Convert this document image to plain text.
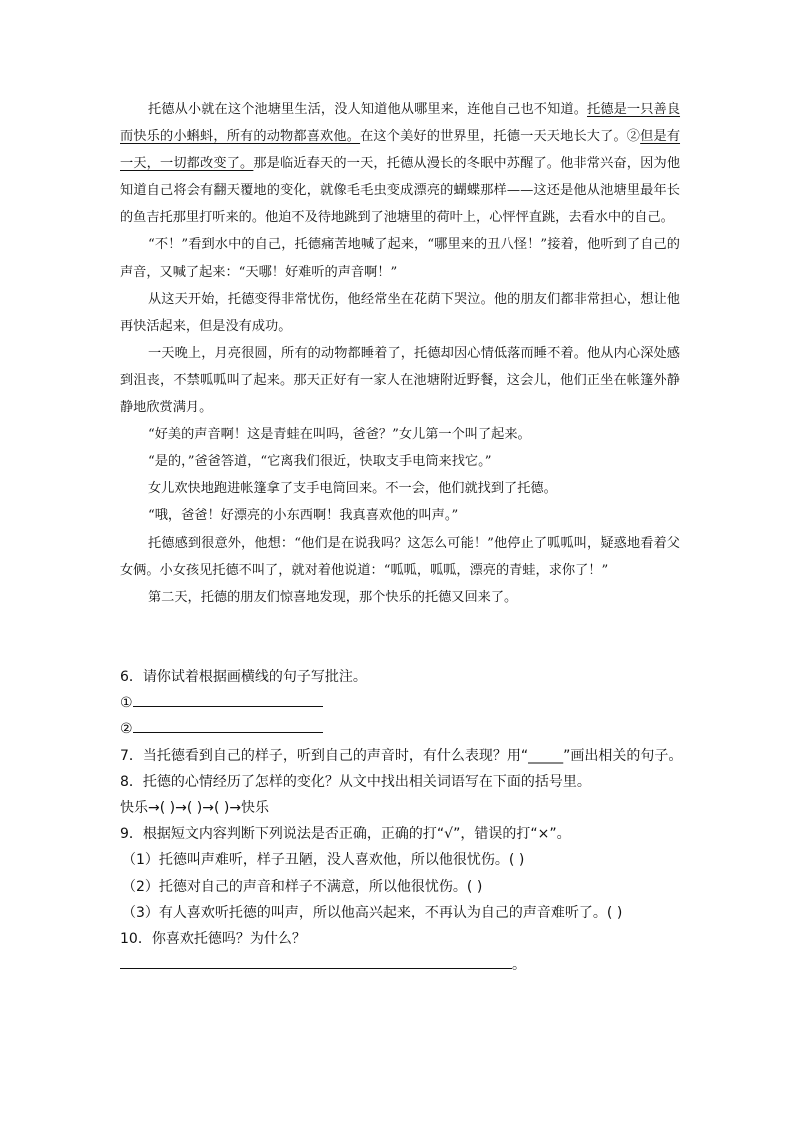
托德从小就在这个池塘里生活，没人知道他从哪里来，连他自己也不知道。托德是一只善良而快乐的小蝌蚪，所有的动物都喜欢他。在这个美好的世界里，托德一天天地长大了。②但是有一天，一切都改变了。那是临近春天的一天，托德从漫长的冬眠中苏醒了。他非常兴奋，因为他知道自己将会有翻天覆地的变化，就像毛毛虫变成漂亮的蝴蝶那样——这还是他从池塘里最年长的鱼吉托那里打听来的。他迫不及待地跳到了池塘里的荷叶上，心怦怦直跳，去看水中的自己。

“不！”看到水中的自己，托德痛苦地喊了起来，“哪里来的丑八怪！”接着，他听到了自己的声音，又喊了起来：“天哪！好难听的声音啊！”

从这天开始，托德变得非常忧伤，他经常坐在花荫下哭泣。他的朋友们都非常担心，想让他再快活起来，但是没有成功。

一天晚上，月亮很圆，所有的动物都睡着了，托德却因心情低落而睡不着。他从内心深处感到沮丧，不禁呱呱叫了起来。那天正好有一家人在池塘附近野餐，这会儿，他们正坐在帐篷外静静地欣赏满月。

“好美的声音啊！这是青蛙在叫吗，爸爸？”女儿第一个叫了起来。

“是的，”爸爸答道，“它离我们很近，快取支手电筒来找它。”

女儿欢快地跑进帐篷拿了支手电筒回来。不一会，他们就找到了托德。

“哦，爸爸！好漂亮的小东西啊！我真喜欢他的叫声。”

托德感到很意外，他想：“他们是在说我吗？这怎么可能！”他停止了呱呱叫，疑惑地看着父女俩。小女孩见托德不叫了，就对着他说道：“呱呱，呱呱，漂亮的青蛙，求你了！”

第二天，托德的朋友们惊喜地发现，那个快乐的托德又回来了。

6．请你试着根据画横线的句子写批注。
①
②
7．当托德看到自己的样子，听到自己的声音时，有什么表现？用“_____”画出相关的句子。
8．托德的心情经历了怎样的变化？从文中找出相关词语写在下面的括号里。
快乐→( )→( )→( )→快乐
9．根据短文内容判断下列说法是否正确，正确的打“√”，错误的打“×”。
（1）托德叫声难听，样子丑陋，没人喜欢他，所以他很忧伤。( )
（2）托德对自己的声音和样子不满意，所以他很忧伤。( )
（3）有人喜欢听托德的叫声，所以他高兴起来，不再认为自己的声音难听了。( )
10．你喜欢托德吗？为什么？
。
